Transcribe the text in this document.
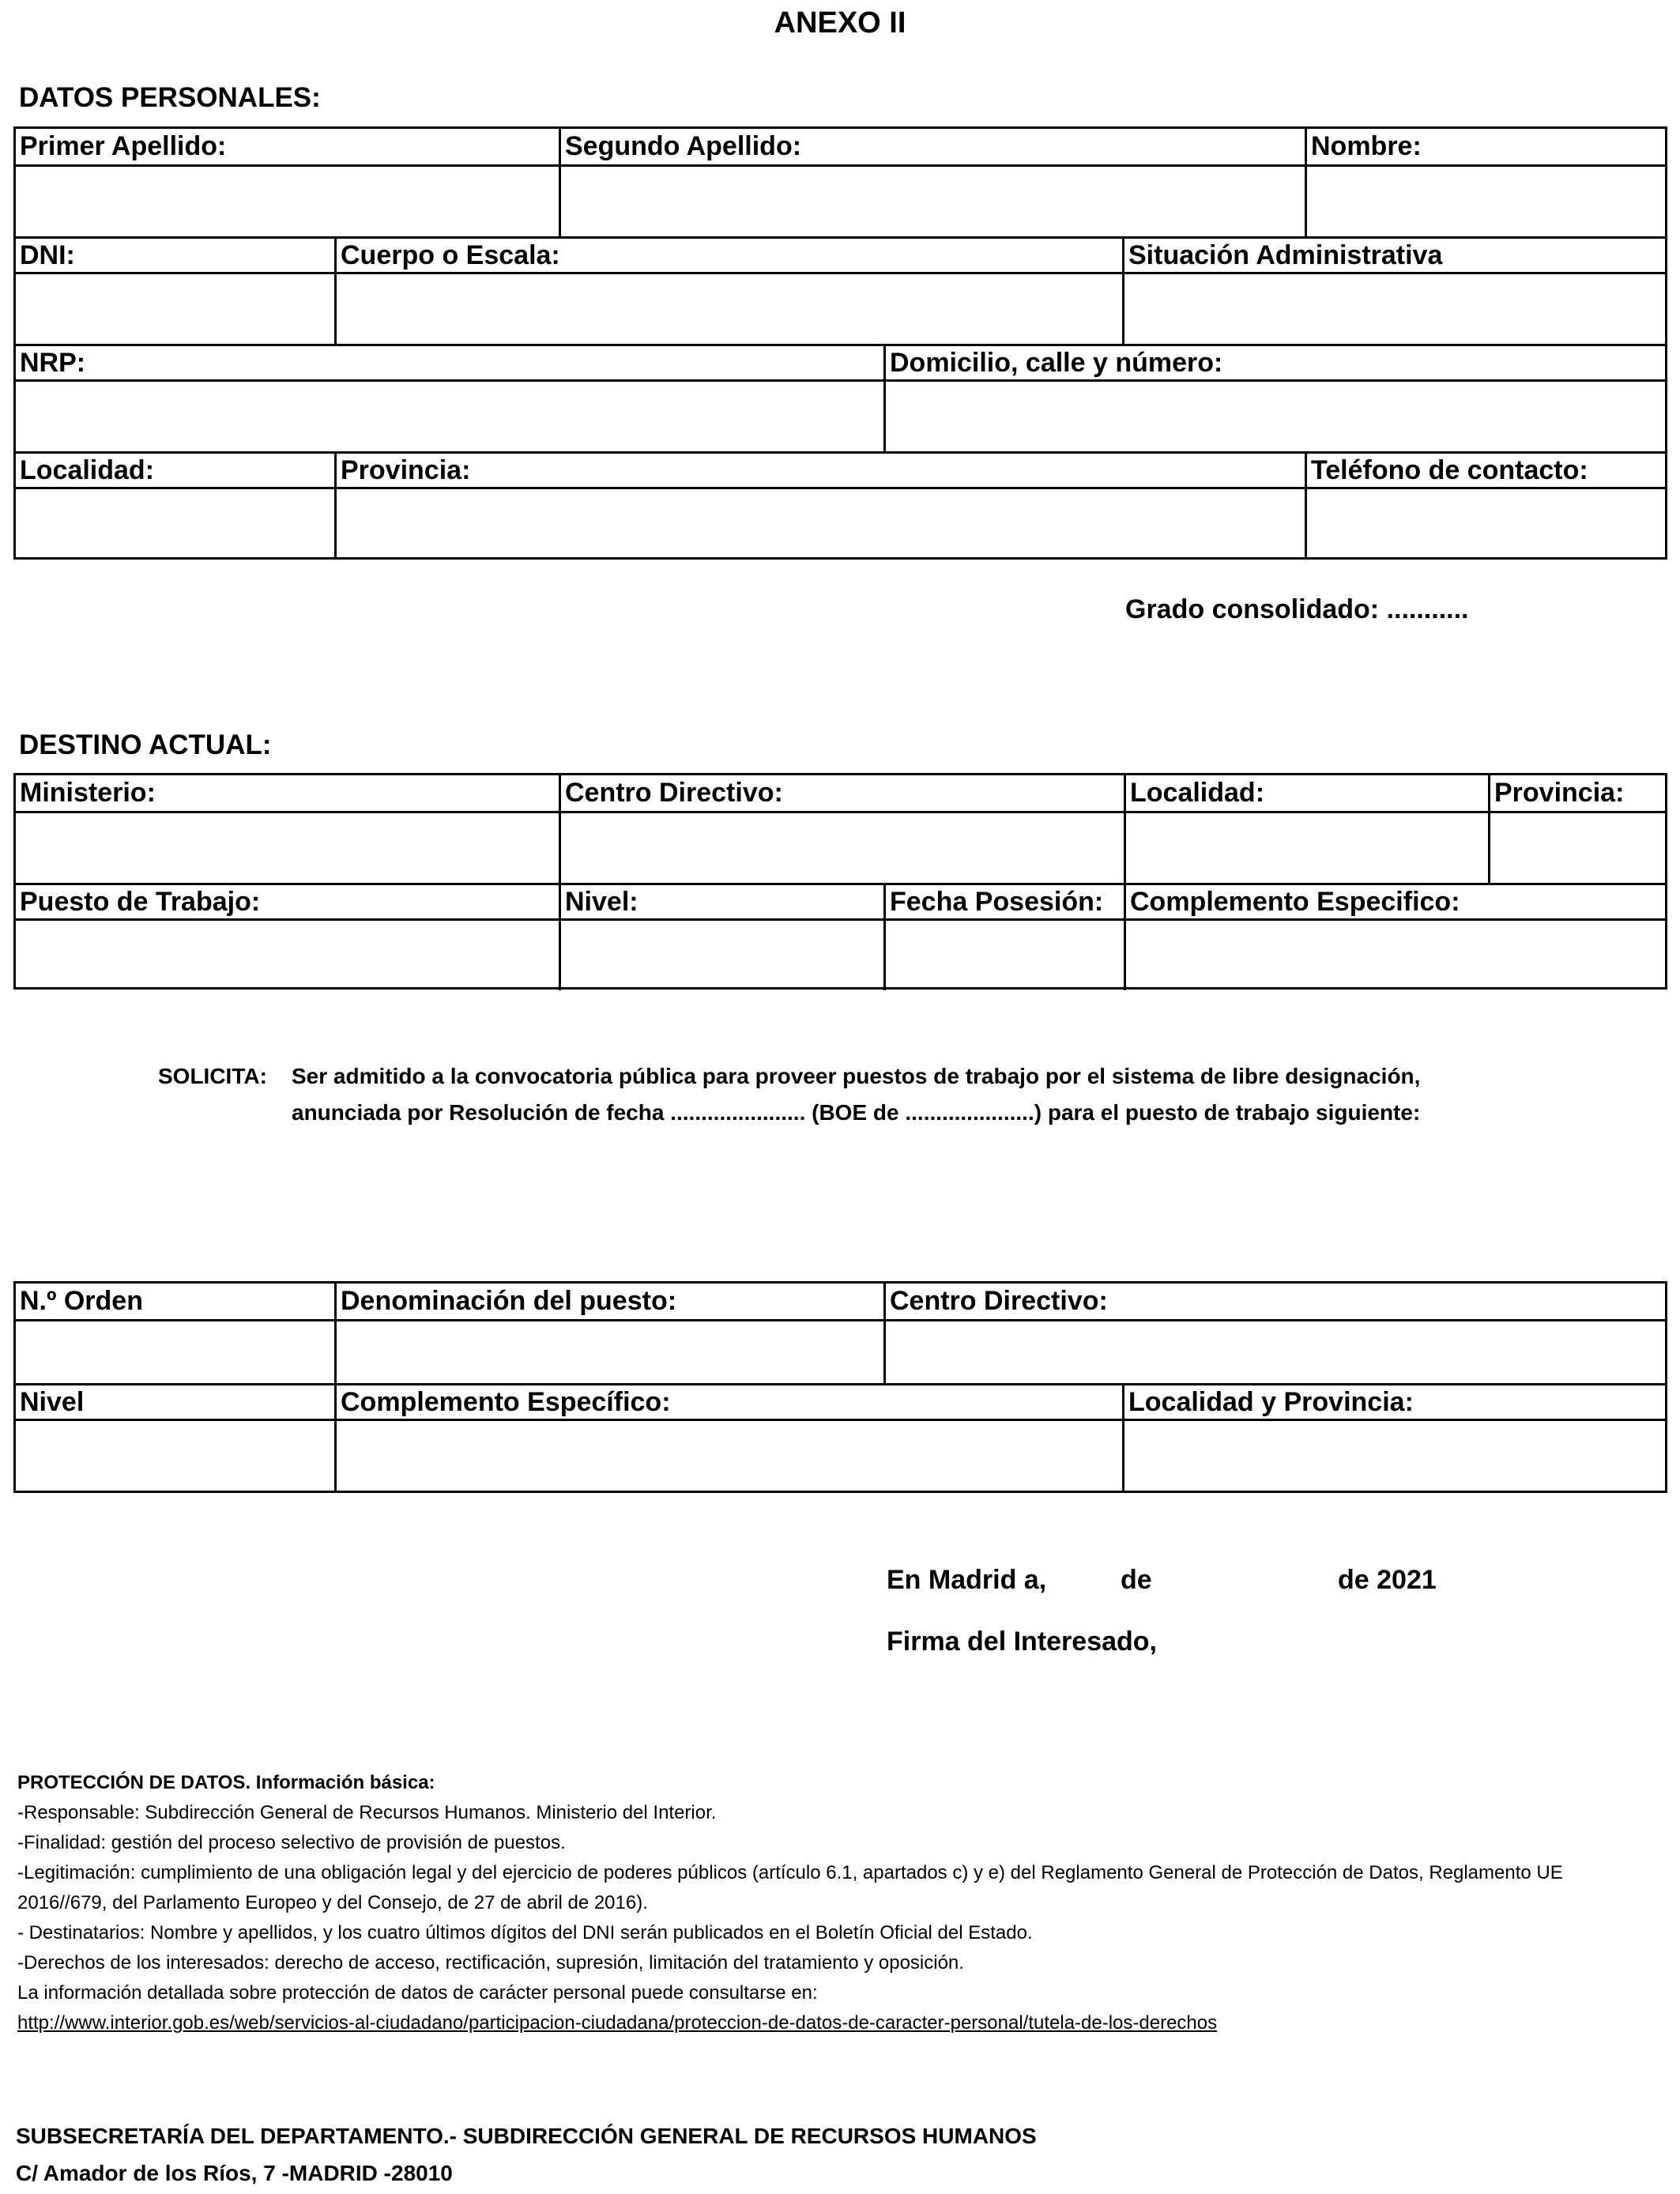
ANEXO II
DATOS PERSONALES:
Primer Apellido:	Segundo Apellido:	Nombre:
DNI:	Cuerpo o Escala:	Situación Administrativa
NRP:	Domicilio, calle y número:
Localidad:	Provincia:	Teléfono de contacto:
Grado consolidado: ...........
DESTINO ACTUAL:
Ministerio:	Centro Directivo:	Localidad:	Provincia:
Puesto de Trabajo:	Nivel:	Fecha Posesión: Complemento Especifico:
SOLICITA: Ser admitido a la convocatoria pública para proveer puestos de trabajo por el sistema de libre designación,
anunciada por Resolución de fecha ...................... (BOE de .....................) para el puesto de trabajo siguiente:
N.º Orden	Denominación del puesto:	Centro Directivo:
Nivel	Complemento Específico:	Localidad y Provincia:
En Madrid a,	de	de 2021
Firma del Interesado,
PROTECCIÓN DE DATOS. Información básica:
-Responsable: Subdirección General de Recursos Humanos. Ministerio del Interior.
-Finalidad: gestión del proceso selectivo de provisión de puestos.
-Legitimación: cumplimiento de una obligación legal y del ejercicio de poderes públicos (artículo 6.1, apartados c) y e) del Reglamento General de Protección de Datos, Reglamento UE
2016//679, del Parlamento Europeo y del Consejo, de 27 de abril de 2016).
- Destinatarios: Nombre y apellidos, y los cuatro últimos dígitos del DNI serán publicados en el Boletín Oficial del Estado.
-Derechos de los interesados: derecho de acceso, rectificación, supresión, limitación del tratamiento y oposición.
La información detallada sobre protección de datos de carácter personal puede consultarse en:
http://www.interior.gob.es/web/servicios-al-ciudadano/participacion-ciudadana/proteccion-de-datos-de-caracter-personal/tutela-de-los-derechos
SUBSECRETARÍA DEL DEPARTAMENTO.- SUBDIRECCIÓN GENERAL DE RECURSOS HUMANOS
C/ Amador de los Ríos, 7 -MADRID -28010
